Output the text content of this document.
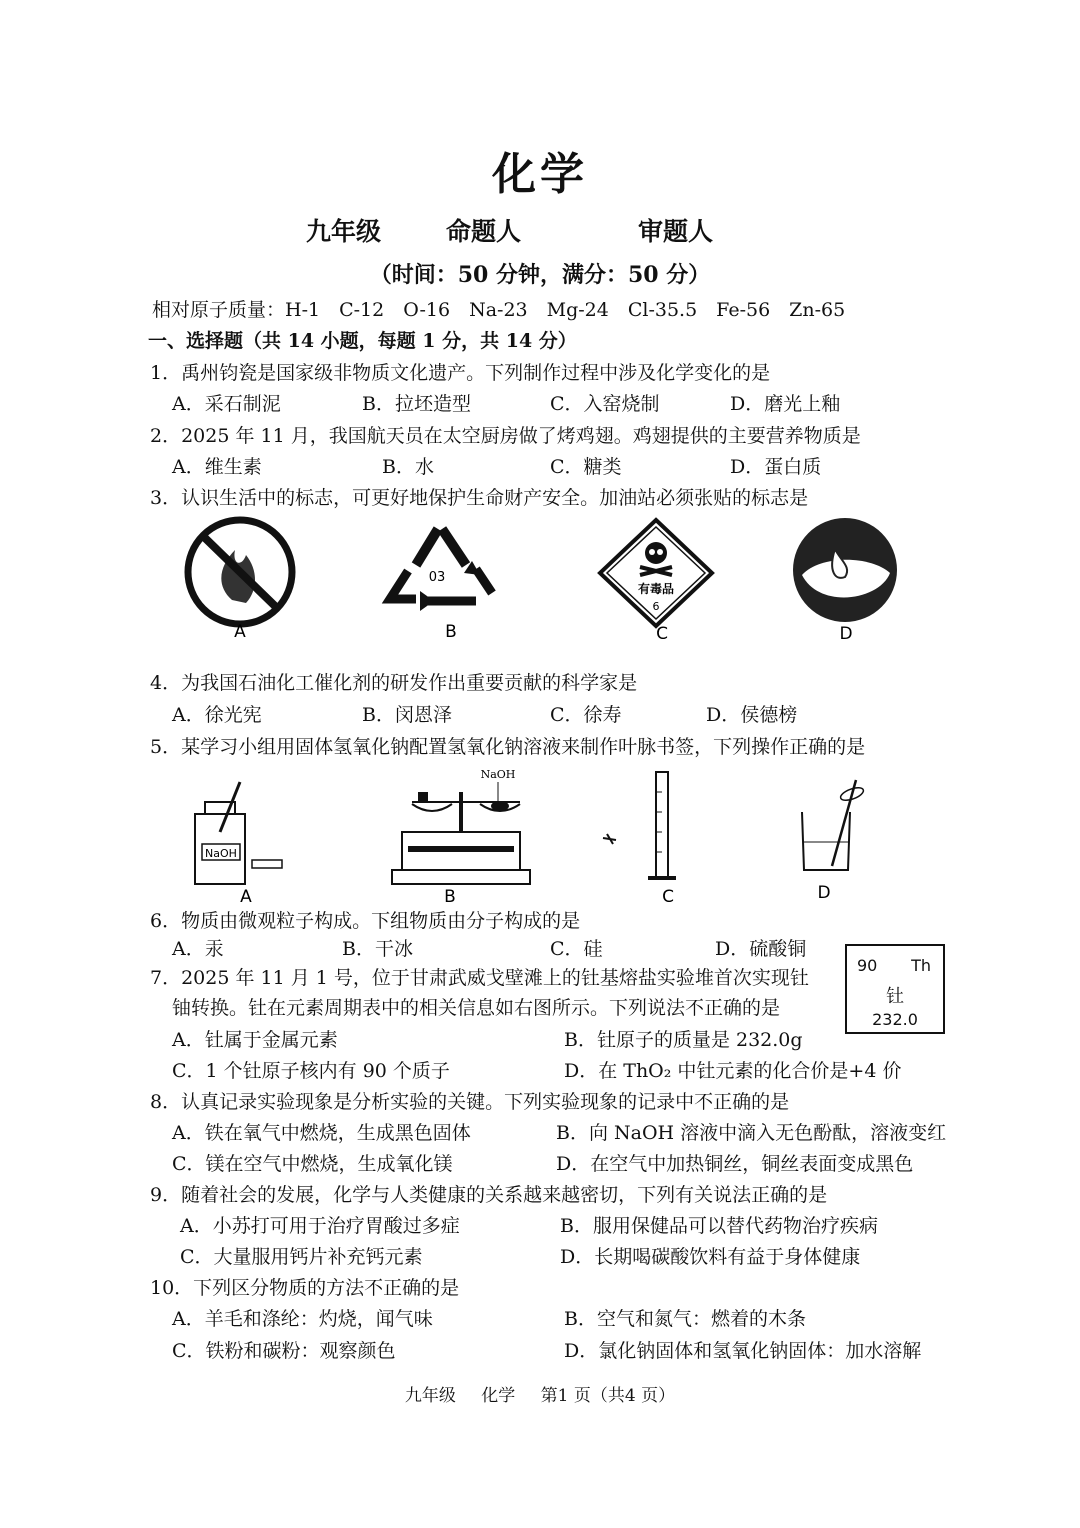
化学
九年级	命题人	审题人
（时间：50 分钟，满分：50 分）
相对原子质量：H-1　C-12　O-16　Na-23　Mg-24　Cl-35.5　Fe-56　Zn-65
一、选择题（共 14 小题，每题 1 分，共 14 分）
1．禹州钧瓷是国家级非物质文化遗产。下列制作过程中涉及化学变化的是
A．采石制泥	B．拉坯造型	C．入窑烧制	D．磨光上釉
2．2025 年 11 月，我国航天员在太空厨房做了烤鸡翅。鸡翅提供的主要营养物质是
A．维生素	B．水	C．糖类	D．蛋白质
3．认识生活中的标志，可更好地保护生命财产安全。加油站必须张贴的标志是
03
有毒品
6
A	B	C	D
4．为我国石油化工催化剂的研发作出重要贡献的科学家是
A．徐光宪	B．闵恩泽	C．徐寿	D．侯德榜
5．某学习小组用固体氢氧化钠配置氢氧化钠溶液来制作叶脉书签，下列操作正确的是
NaOH
NaOH
A	B	C	D
6．物质由微观粒子构成。下组物质由分子构成的是
A．汞	B．干冰	C．硅	D．硫酸铜
90 Th
钍
232.0
7．2025 年 11 月 1 号，位于甘肃武威戈壁滩上的钍基熔盐实验堆首次实现钍
铀转换。钍在元素周期表中的相关信息如右图所示。下列说法不正确的是
A．钍属于金属元素	B．钍原子的质量是 232.0g
C．1 个钍原子核内有 90 个质子	D．在 ThO₂ 中钍元素的化合价是+4 价
8．认真记录实验现象是分析实验的关键。下列实验现象的记录中不正确的是
A．铁在氧气中燃烧，生成黑色固体	B．向 NaOH 溶液中滴入无色酚酞，溶液变红
C．镁在空气中燃烧，生成氧化镁	D．在空气中加热铜丝，铜丝表面变成黑色
9．随着社会的发展，化学与人类健康的关系越来越密切，下列有关说法正确的是
A．小苏打可用于治疗胃酸过多症	B．服用保健品可以替代药物治疗疾病
C．大量服用钙片补充钙元素	D．长期喝碳酸饮料有益于身体健康
10．下列区分物质的方法不正确的是
A．羊毛和涤纶：灼烧，闻气味	B．空气和氮气：燃着的木条
C．铁粉和碳粉：观察颜色	D．氯化钠固体和氢氧化钠固体：加水溶解
九年级 化学 第1 页（共4 页）
